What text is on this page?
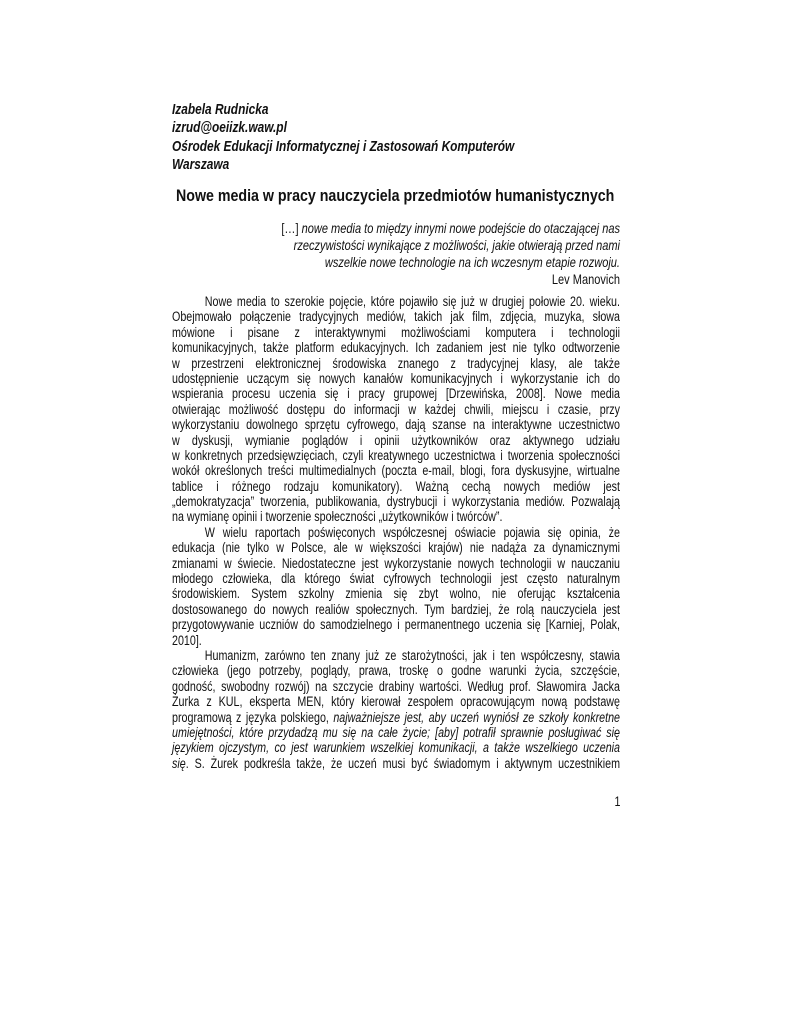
Izabela Rudnicka
izrud@oeiizk.waw.pl
Ośrodek Edukacji Informatycznej i Zastosowań Komputerów
Warszawa
Nowe media w pracy nauczyciela przedmiotów humanistycznych
[…] nowe media to między innymi nowe podejście do otaczającej nas
rzeczywistości wynikające z możliwości, jakie otwierają przed nami
wszelkie nowe technologie na ich wczesnym etapie rozwoju.
Lev Manovich
Nowe media to szerokie pojęcie, które pojawiło się już w drugiej połowie 20. wieku.
Obejmowało połączenie tradycyjnych mediów, takich jak film, zdjęcia, muzyka, słowa
mówione i pisane z interaktywnymi możliwościami komputera i technologii
komunikacyjnych, także platform edukacyjnych. Ich zadaniem jest nie tylko odtworzenie
w przestrzeni elektronicznej środowiska znanego z tradycyjnej klasy, ale także
udostępnienie uczącym się nowych kanałów komunikacyjnych i wykorzystanie ich do
wspierania procesu uczenia się i pracy grupowej [Drzewińska, 2008]. Nowe media
otwierając możliwość dostępu do informacji w każdej chwili, miejscu i czasie, przy
wykorzystaniu dowolnego sprzętu cyfrowego, dają szanse na interaktywne uczestnictwo
w dyskusji, wymianie poglądów i opinii użytkowników oraz aktywnego udziału
w konkretnych przedsięwzięciach, czyli kreatywnego uczestnictwa i tworzenia społeczności
wokół określonych treści multimedialnych (poczta e-mail, blogi, fora dyskusyjne, wirtualne
tablice i różnego rodzaju komunikatory). Ważną cechą nowych mediów jest
„demokratyzacja” tworzenia, publikowania, dystrybucji i wykorzystania mediów. Pozwalają
na wymianę opinii i tworzenie społeczności „użytkowników i twórców”.
W wielu raportach poświęconych współczesnej oświacie pojawia się opinia, że
edukacja (nie tylko w Polsce, ale w większości krajów) nie nadąża za dynamicznymi
zmianami w świecie. Niedostateczne jest wykorzystanie nowych technologii w nauczaniu
młodego człowieka, dla którego świat cyfrowych technologii jest często naturalnym
środowiskiem. System szkolny zmienia się zbyt wolno, nie oferując kształcenia
dostosowanego do nowych realiów społecznych. Tym bardziej, że rolą nauczyciela jest
przygotowywanie uczniów do samodzielnego i permanentnego uczenia się [Karniej, Polak,
2010].
Humanizm, zarówno ten znany już ze starożytności, jak i ten współczesny, stawia
człowieka (jego potrzeby, poglądy, prawa, troskę o godne warunki życia, szczęście,
godność, swobodny rozwój) na szczycie drabiny wartości. Według prof. Sławomira Jacka
Żurka z KUL, eksperta MEN, który kierował zespołem opracowującym nową podstawę
programową z języka polskiego, najważniejsze jest, aby uczeń wyniósł ze szkoły konkretne
umiejętności, które przydadzą mu się na całe życie; [aby] potrafił sprawnie posługiwać się
językiem ojczystym, co jest warunkiem wszelkiej komunikacji, a także wszelkiego uczenia
się. S. Żurek podkreśla także, że uczeń musi być świadomym i aktywnym uczestnikiem
1
